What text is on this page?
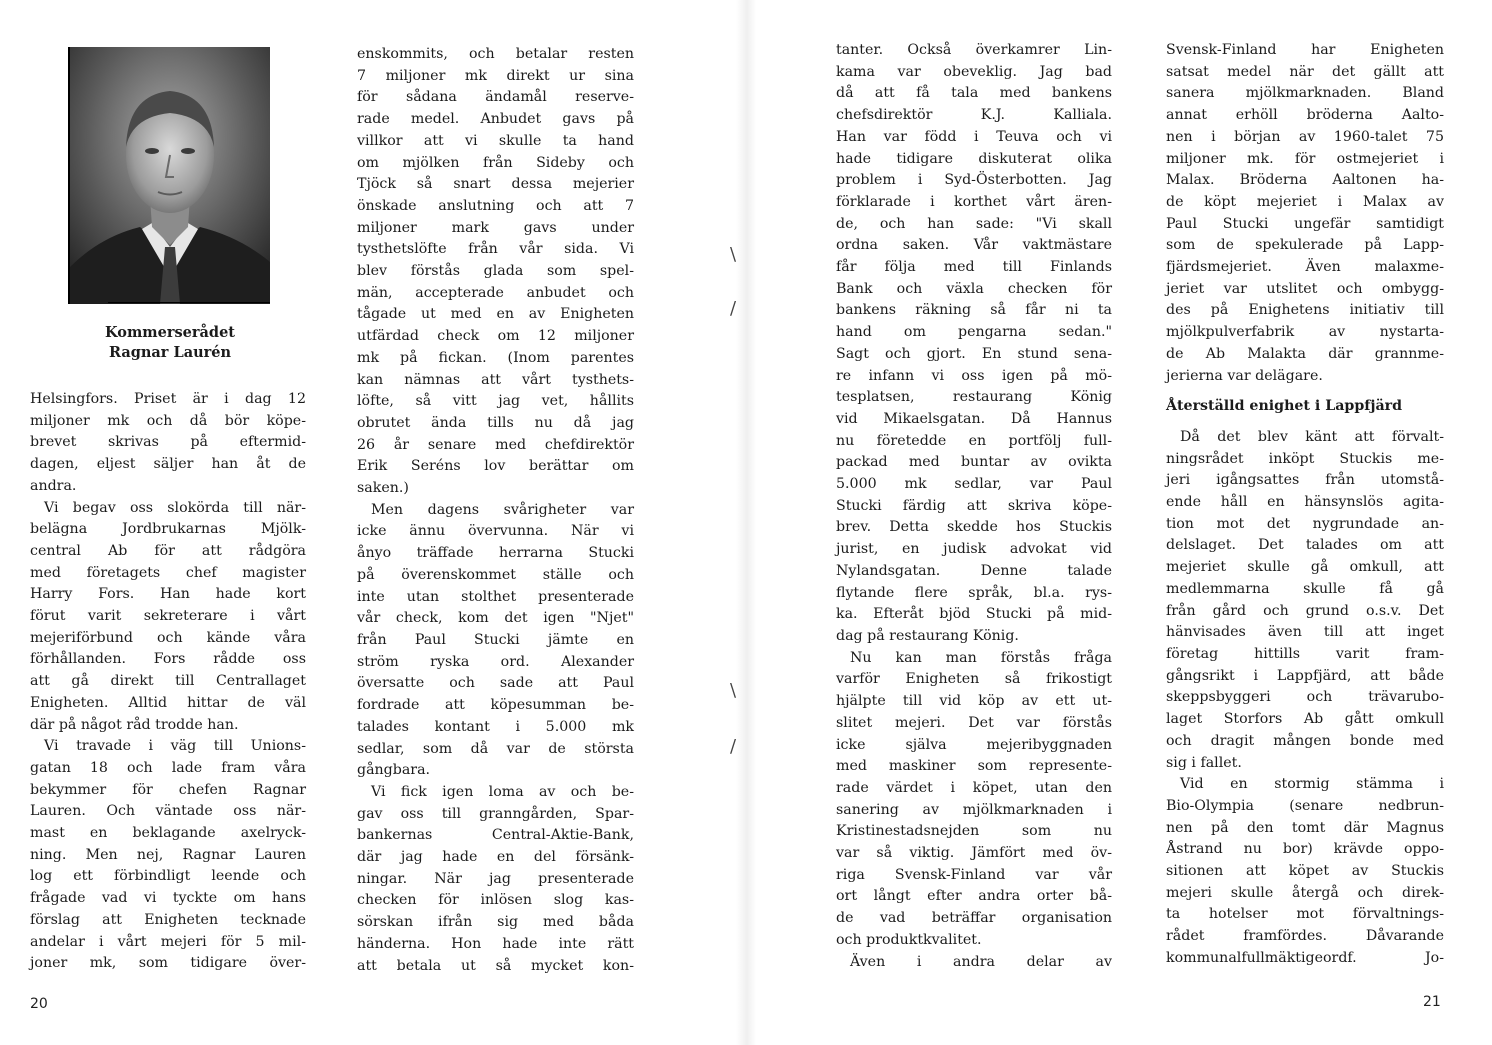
\
/
\
/
Kommerserådet
Ragnar Laurén
Helsingfors. Priset är i dag 12
miljoner mk och då bör köpe-
brevet skrivas på eftermid-
dagen, eljest säljer han åt de
andra.
Vi begav oss slokörda till när-
belägna Jordbrukarnas Mjölk-
central Ab för att rådgöra
med företagets chef magister
Harry Fors. Han hade kort
förut varit sekreterare i vårt
mejeriförbund och kände våra
förhållanden. Fors rådde oss
att gå direkt till Centrallaget
Enigheten. Alltid hittar de väl
där på något råd trodde han.
Vi travade i väg till Unions-
gatan 18 och lade fram våra
bekymmer för chefen Ragnar
Lauren. Och väntade oss när-
mast en beklagande axelryck-
ning. Men nej, Ragnar Lauren
log ett förbindligt leende och
frågade vad vi tyckte om hans
förslag att Enigheten tecknade
andelar i vårt mejeri för 5 mil-
joner mk, som tidigare över-
enskommits, och betalar resten
7 miljoner mk direkt ur sina
för sådana ändamål reserve-
rade medel. Anbudet gavs på
villkor att vi skulle ta hand
om mjölken från Sideby och
Tjöck så snart dessa mejerier
önskade anslutning och att 7
miljoner mark gavs under
tysthetslöfte från vår sida. Vi
blev förstås glada som spel-
män, accepterade anbudet och
tågade ut med en av Enigheten
utfärdad check om 12 miljoner
mk på fickan. (Inom parentes
kan nämnas att vårt tysthets-
löfte, så vitt jag vet, hållits
obrutet ända tills nu då jag
26 år senare med chefdirektör
Erik Seréns lov berättar om
saken.)
Men dagens svårigheter var
icke ännu övervunna. När vi
ånyo träffade herrarna Stucki
på överenskommet ställe och
inte utan stolthet presenterade
vår check, kom det igen "Njet"
från Paul Stucki jämte en
ström ryska ord. Alexander
översatte och sade att Paul
fordrade att köpesumman be-
talades kontant i 5.000 mk
sedlar, som då var de största
gångbara.
Vi fick igen loma av och be-
gav oss till granngården, Spar-
bankernas Central-Aktie-Bank,
där jag hade en del försänk-
ningar. När jag presenterade
checken för inlösen slog kas-
sörskan ifrån sig med båda
händerna. Hon hade inte rätt
att betala ut så mycket kon-
tanter. Också överkamrer Lin-
kama var obeveklig. Jag bad
då att få tala med bankens
chefsdirektör K.J. Kalliala.
Han var född i Teuva och vi
hade tidigare diskuterat olika
problem i Syd-Österbotten. Jag
förklarade i korthet vårt ären-
de, och han sade: "Vi skall
ordna saken. Vår vaktmästare
får följa med till Finlands
Bank och växla checken för
bankens räkning så får ni ta
hand om pengarna sedan."
Sagt och gjort. En stund sena-
re infann vi oss igen på mö-
tesplatsen, restaurang König
vid Mikaelsgatan. Då Hannus
nu företedde en portfölj full-
packad med buntar av ovikta
5.000 mk sedlar, var Paul
Stucki färdig att skriva köpe-
brev. Detta skedde hos Stuckis
jurist, en judisk advokat vid
Nylandsgatan. Denne talade
flytande flere språk, bl.a. rys-
ka. Efteråt bjöd Stucki på mid-
dag på restaurang König.
Nu kan man förstås fråga
varför Enigheten så frikostigt
hjälpte till vid köp av ett ut-
slitet mejeri. Det var förstås
icke själva mejeribyggnaden
med maskiner som represente-
rade värdet i köpet, utan den
sanering av mjölkmarknaden i
Kristinestadsnejden som nu
var så viktig. Jämfört med öv-
riga Svensk-Finland var vår
ort långt efter andra orter bå-
de vad beträffar organisation
och produktkvalitet.
Även i andra delar av
Svensk-Finland har Enigheten
satsat medel när det gällt att
sanera mjölkmarknaden. Bland
annat erhöll bröderna Aalto-
nen i början av 1960-talet 75
miljoner mk. för ostmejeriet i
Malax. Bröderna Aaltonen ha-
de köpt mejeriet i Malax av
Paul Stucki ungefär samtidigt
som de spekulerade på Lapp-
fjärdsmejeriet. Även malaxme-
jeriet var utslitet och ombygg-
des på Enighetens initiativ till
mjölkpulverfabrik av nystarta-
de Ab Malakta där grannme-
jerierna var delägare.
Återställd enighet i Lappfjärd
Då det blev känt att förvalt-
ningsrådet inköpt Stuckis me-
jeri igångsattes från utomstå-
ende håll en hänsynslös agita-
tion mot det nygrundade an-
delslaget. Det talades om att
mejeriet skulle gå omkull, att
medlemmarna skulle få gå
från gård och grund o.s.v. Det
hänvisades även till att inget
företag hittills varit fram-
gångsrikt i Lappfjärd, att både
skeppsbyggeri och trävarubo-
laget Storfors Ab gått omkull
och dragit mången bonde med
sig i fallet.
Vid en stormig stämma i
Bio-Olympia (senare nedbrun-
nen på den tomt där Magnus
Åstrand nu bor) krävde oppo-
sitionen att köpet av Stuckis
mejeri skulle återgå och direk-
ta hotelser mot förvaltnings-
rådet framfördes. Dåvarande
kommunalfullmäktigeordf. Jo-
20	21
